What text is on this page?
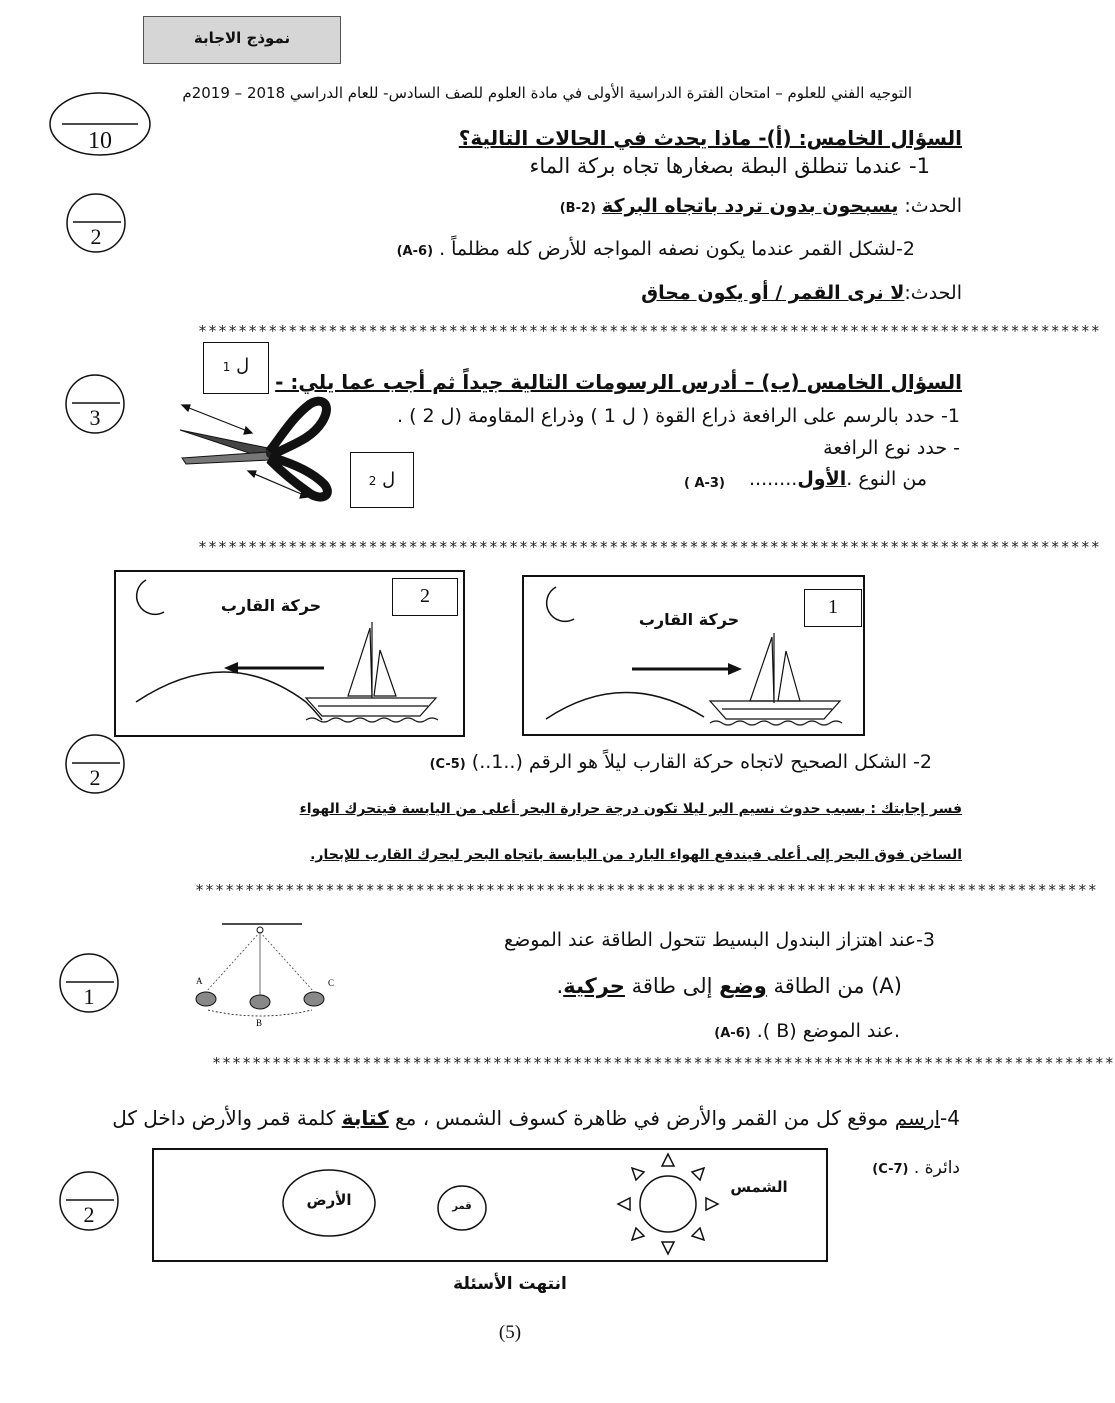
نموذج الاجابة
التوجيه الفني للعلوم – امتحان الفترة الدراسية الأولى في مادة العلوم للصف السادس- للعام الدراسي 2018 – 2019م
10	السؤال الخامس: (أ)- ماذا يحدث في الحالات التالية؟
1- عندما تنطلق البطة بصغارها تجاه بركة الماء
الحدث: يسبحون بدون تردد باتجاه البركة (B-2)
2	2-لشكل القمر عندما يكون نصفه المواجه للأرض كله مظلماً . (A-6)
الحدث:لا نرى القمر / أو يكون محاق
******************************************************************************************
1 ل
السؤال الخامس (ب) – أدرس الرسومات التالية جيداً ثم أجب عما يلي: -
3	1- حدد بالرسم على الرافعة ذراع القوة ( ل 1 ) وذراع المقاومة (ل 2 ) .
- حدد نوع الرافعة
2 ل	من النوع .الأول........
( A-3)
******************************************************************************************
2
حركة القارب	1
حركة القارب
2
2- الشكل الصحيح لاتجاه حركة القارب ليلاً هو الرقم (..1..) (C-5)
فسر إجابتك : بسبب حدوث نسيم البر ليلا تكون درجة حرارة البحر أعلى من اليابسة فيتحرك الهواء
الساخن فوق البحر إلى أعلى فيندفع الهواء البارد من اليابسة باتجاه البحر ليحرك القارب للإبحار.
******************************************************************************************
3-عند اهتزاز البندول البسيط تتحول الطاقة عند الموضع
A
B
C	(A) من الطاقة وضع إلى طاقة حركية.
1
.عند الموضع (B ). (A-6)
******************************************************************************************
4-ارسم موقع كل من القمر والأرض في ظاهرة كسوف الشمس ، مع كتابة كلمة قمر والأرض داخل كل
دائرة . (C-7)
2
الشمس
قمر
الأرض
انتهت الأسئلة
(5)
